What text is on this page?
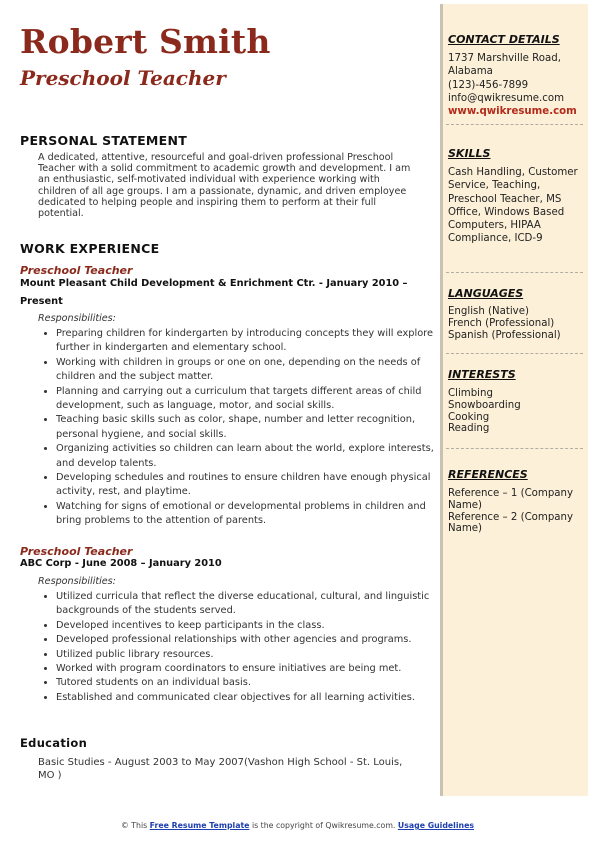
Robert Smith
Preschool Teacher
PERSONAL STATEMENT
A dedicated, attentive, resourceful and goal-driven professional Preschool Teacher with a solid commitment to academic growth and development. I am an enthusiastic, self-motivated individual with experience working with children of all age groups. I am a passionate, dynamic, and driven employee dedicated to helping people and inspiring them to perform at their full potential.
WORK EXPERIENCE
Preschool Teacher
Mount Pleasant Child Development & Enrichment Ctr. - January 2010 – Present
Responsibilities:
• Preparing children for kindergarten by introducing concepts they will explore further in kindergarten and elementary school.
• Working with children in groups or one on one, depending on the needs of children and the subject matter.
• Planning and carrying out a curriculum that targets different areas of child development, such as language, motor, and social skills.
• Teaching basic skills such as color, shape, number and letter recognition, personal hygiene, and social skills.
• Organizing activities so children can learn about the world, explore interests, and develop talents.
• Developing schedules and routines to ensure children have enough physical activity, rest, and playtime.
• Watching for signs of emotional or developmental problems in children and bring problems to the attention of parents.
Preschool Teacher
ABC Corp - June 2008 – January 2010
Responsibilities:
• Utilized curricula that reflect the diverse educational, cultural, and linguistic backgrounds of the students served.
• Developed incentives to keep participants in the class.
• Developed professional relationships with other agencies and programs.
• Utilized public library resources.
• Worked with program coordinators to ensure initiatives are being met.
• Tutored students on an individual basis.
• Established and communicated clear objectives for all learning activities.
Education
Basic Studies - August 2003 to May 2007(Vashon High School - St. Louis, MO )
CONTACT DETAILS
1737 Marshville Road, Alabama
(123)-456-7899
info@qwikresume.com
www.qwikresume.com
SKILLS
Cash Handling, Customer Service, Teaching, Preschool Teacher, MS Office, Windows Based Computers, HIPAA Compliance, ICD-9
LANGUAGES
English (Native)
French (Professional)
Spanish (Professional)
INTERESTS
Climbing
Snowboarding
Cooking
Reading
REFERENCES
Reference – 1 (Company Name)
Reference – 2 (Company Name)
© This Free Resume Template is the copyright of Qwikresume.com. Usage Guidelines
